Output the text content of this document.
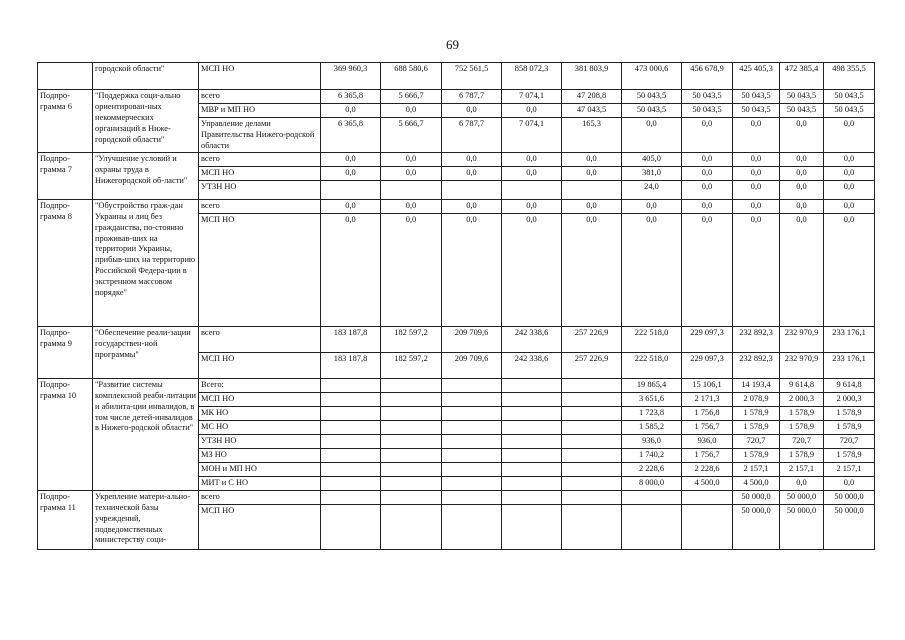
69
	городской области"	МСП НО	369 960,3	688 580,6	752 561,5	858 072,3	381 803,9	473 000,6	456 678,9	425 405,3	472 385,4	498 355,5
Подпро-грамма 6	"Поддержка соци-ально ориентирован-ных некоммерческих организаций в Ниже-городской области"	всего	6 365,8	5 666,7	6 787,7	7 074,1	47 208,8	50 043,5	50 043,5	50 043,5	50 043,5	50 043,5
		МВР и МП НО	0,0	0,0	0,0	0,0	47 043,5	50 043,5	50 043,5	50 043,5	50 043,5	50 043,5
		Управление делами Правительства Нижего-родской области	6 365,8	5 666,7	6 787,7	7 074,1	165,3	0,0	0,0	0,0	0,0	0,0
Подпро-грамма 7	"Улучшение условий и охраны труда в Нижегородской об-ласти"	всего	0,0	0,0	0,0	0,0	0,0	405,0	0,0	0,0	0,0	0,0
		МСП НО	0,0	0,0	0,0	0,0	0,0	381,0	0,0	0,0	0,0	0,0
		УТЗН НО						24,0	0,0	0,0	0,0	0,0
Подпро-грамма 8	"Обустройство граж-дан Украины и лиц без гражданства, по-стоянно проживав-ших на территории Украины, прибыв-ших на территорию Российской Федера-ции в экстренном массовом порядке"	всего	0,0	0,0	0,0	0,0	0,0	0,0	0,0	0,0	0,0	0,0
		МСП НО	0,0	0,0	0,0	0,0	0,0	0,0	0,0	0,0	0,0	0,0
Подпро-грамма 9	"Обеспечение реали-зации государствен-ной программы"	всего	183 187,8	182 597,2	209 709,6	242 338,6	257 226,9	222 518,0	229 097,3	232 892,3	232 970,9	233 176,1
		МСП НО	183 187,8	182 597,2	209 709,6	242 338,6	257 226,9	222 518,0	229 097,3	232 892,3	232 970,9	233 176,1
Подпро-грамма 10	"Развитие системы комплексной реаби-литации и абилита-ции инвалидов, в том числе детей-инвалидов в Нижего-родской области"	Всего:						19 865,4	15 106,1	14 193,4	9 614,8	9 614,8
		МСП НО						3 651,6	2 171,3	2 078,9	2 000,3	2 000,3
		МК НО						1 723,8	1 756,8	1 578,9	1 578,9	1 578,9
		МС НО						1 585,2	1 756,7	1 578,9	1 578,9	1 578,9
		УТЗН НО						936,0	936,0	720,7	720,7	720,7
		МЗ НО						1 740,2	1 756,7	1 578,9	1 578,9	1 578,9
		МОН и МП НО						2 228,6	2 228,6	2 157,1	2 157,1	2 157,1
		МИТ и С НО						8 000,0	4 500,0	4 500,0	0,0	0,0
Подпро-грамма 11	Укрепление матери-ально-технической базы учреждений, подведомственных министерству соци-	всего								50 000,0	50 000,0	50 000,0
		МСП НО								50 000,0	50 000,0	50 000,0
